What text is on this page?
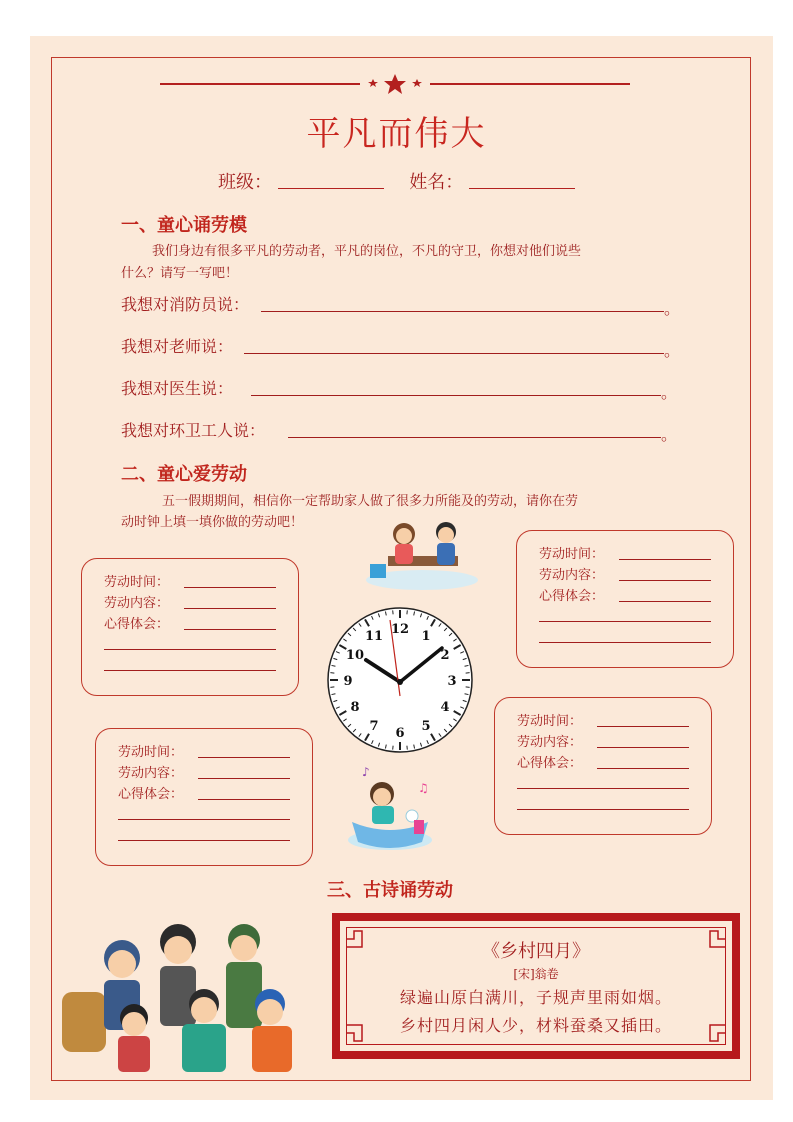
平凡而伟大
班级：	姓名：
一、童心诵劳模
我们身边有很多平凡的劳动者，平凡的岗位，不凡的守卫，你想对他们说些
什么？请写一写吧！
我想对消防员说：	。
我想对老师说：	。
我想对医生说：	。
我想对环卫工人说：	。
二、童心爱劳动
五一假期期间，相信你一定帮助家人做了很多力所能及的劳动，请你在劳
动时钟上填一填你做的劳动吧！
劳动时间：
劳动内容：
心得体会：
劳动时间：
劳动内容：
心得体会：
劳动时间：
劳动内容：
心得体会：
劳动时间：
劳动内容：
心得体会：
12 1
2
3
4
5
6
7
8
9
10
11
♪
♫
三、古诗诵劳动
《乡村四月》
[宋]翁卷
绿遍山原白满川，子规声里雨如烟。
乡村四月闲人少，材料蚕桑又插田。
